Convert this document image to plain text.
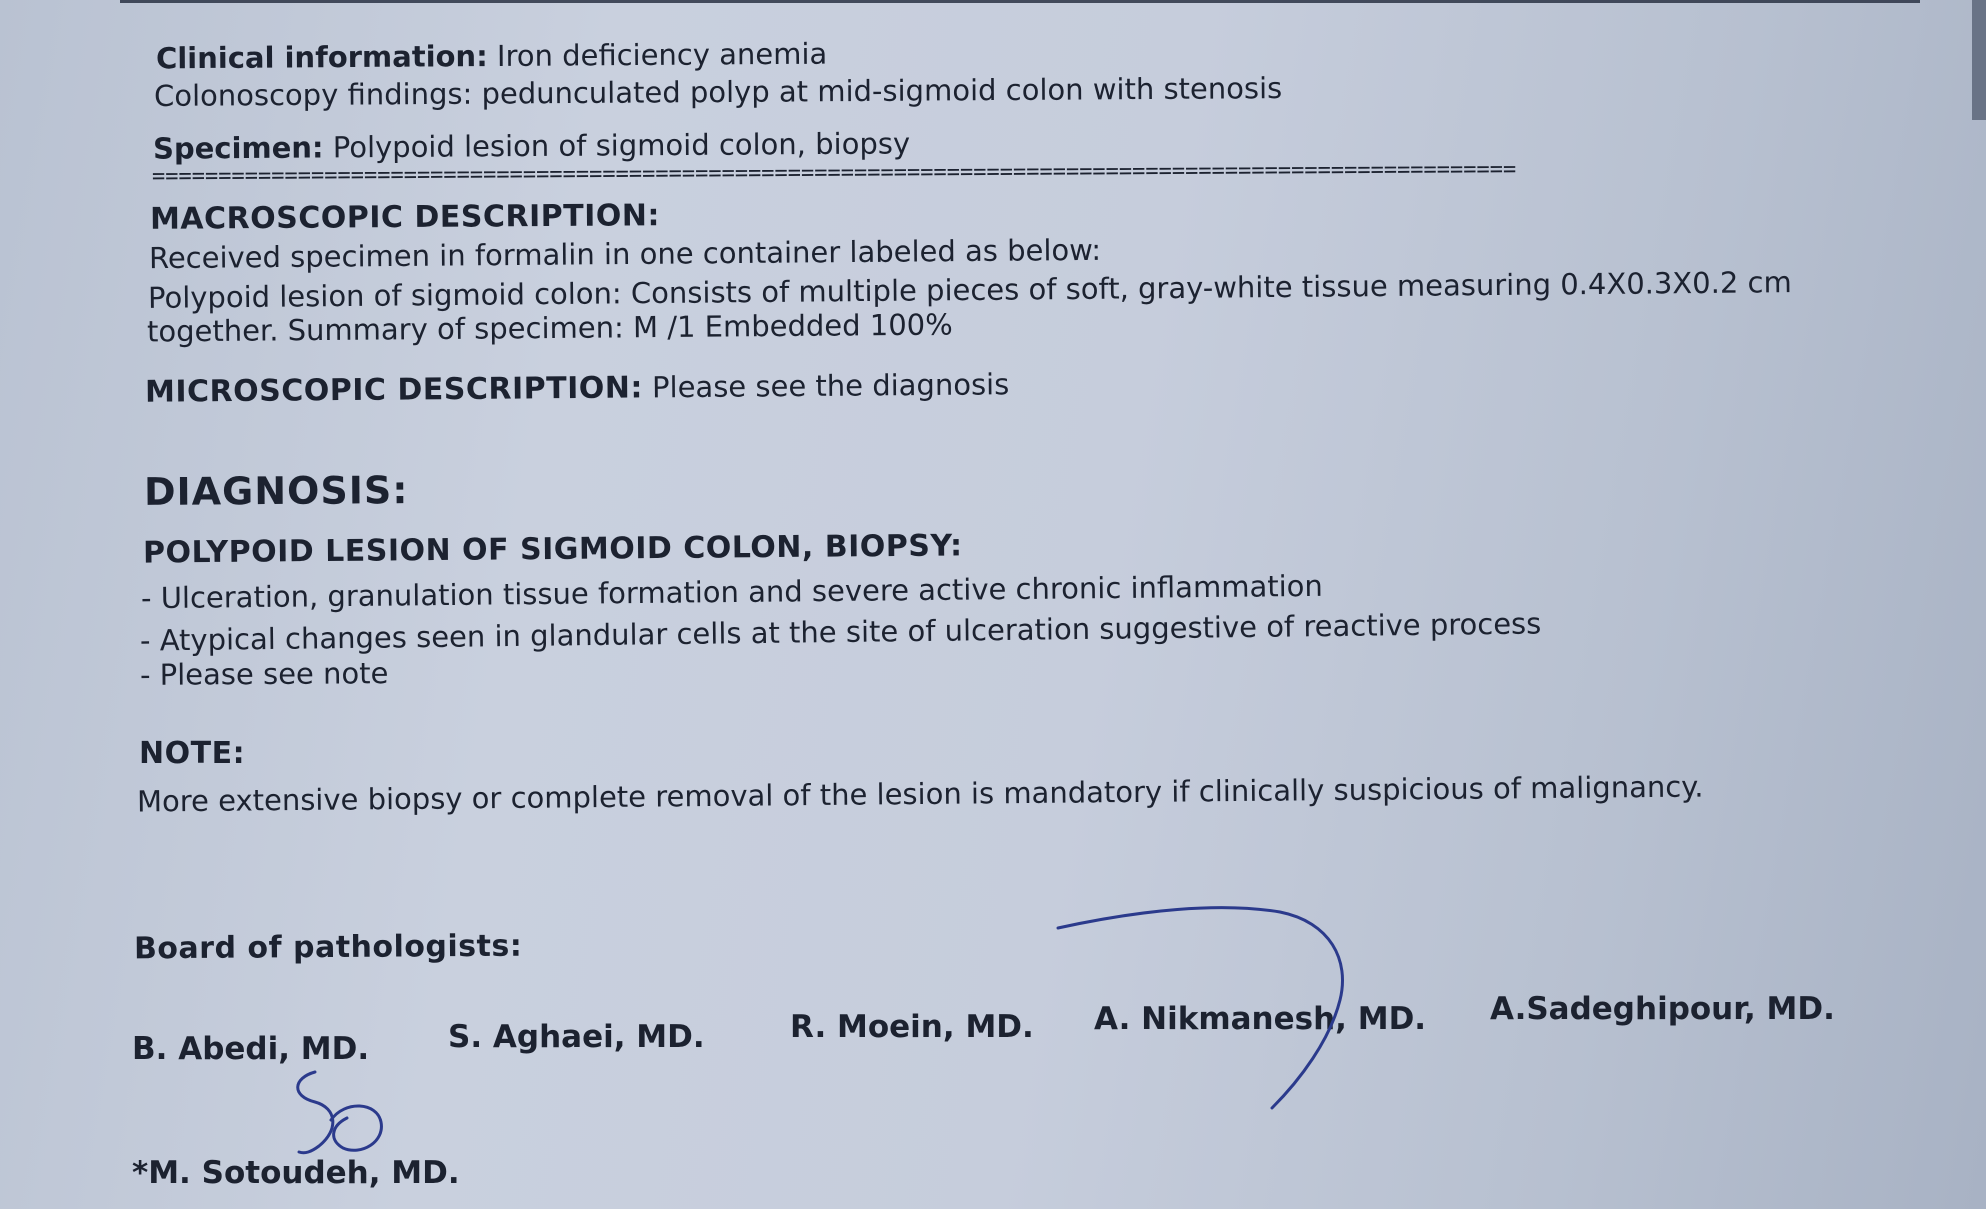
Clinical information: Iron deficiency anemia
Colonoscopy findings: pedunculated polyp at mid-sigmoid colon with stenosis
Specimen: Polypoid lesion of sigmoid colon, biopsy
=======================================================================================================
MACROSCOPIC DESCRIPTION:
Received specimen in formalin in one container labeled as below:
Polypoid lesion of sigmoid colon: Consists of multiple pieces of soft, gray-white tissue measuring 0.4X0.3X0.2 cm
together. Summary of specimen: M /1 Embedded 100%
MICROSCOPIC DESCRIPTION: Please see the diagnosis
DIAGNOSIS:
POLYPOID LESION OF SIGMOID COLON, BIOPSY:
- Ulceration, granulation tissue formation and severe active chronic inflammation
- Atypical changes seen in glandular cells at the site of ulceration suggestive of reactive process
- Please see note
NOTE:
More extensive biopsy or complete removal of the lesion is mandatory if clinically suspicious of malignancy.
Board of pathologists:
B. Abedi, MD.	S. Aghaei, MD.	R. Moein, MD. A. Nikmanesh, MD. A.Sadeghipour, MD.
*M. Sotoudeh, MD.
